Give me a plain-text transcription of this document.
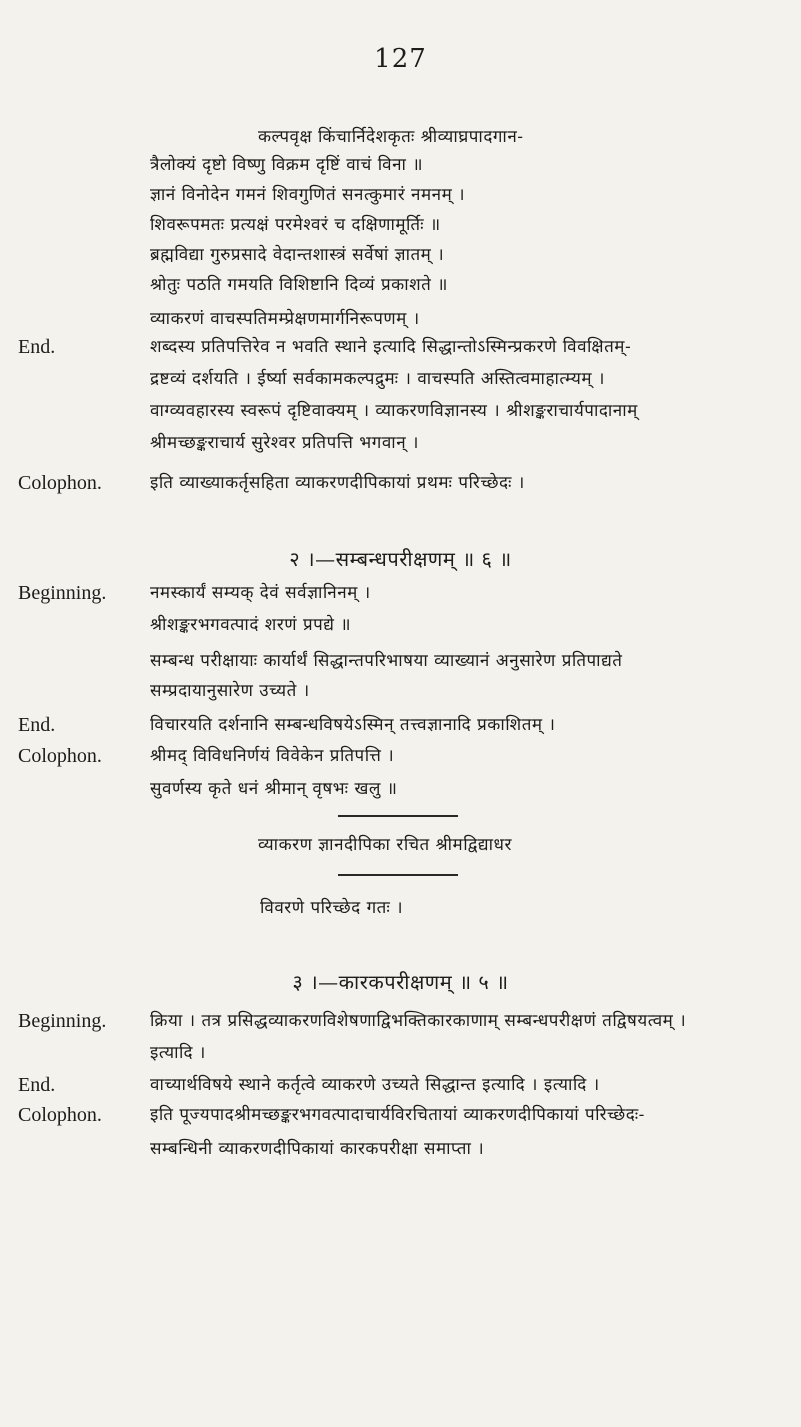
127
कल्पवृक्ष किंचार्निदेशकृतः श्रीव्याघ्रपादगान-
त्रैलोक्यं दृष्टो विष्णु विक्रम दृष्टिं वाचं विना ॥
ज्ञानं विनोदेन गमनं शिवगुणितं सनत्कुमारं नमनम् ।
शिवरूपमतः प्रत्यक्षं परमेश्वरं च दक्षिणामूर्तिः ॥
ब्रह्मविद्या गुरुप्रसादे वेदान्तशास्त्रं सर्वेषां ज्ञातम् ।
श्रोतुः पठति गमयति विशिष्टानि दिव्यं प्रकाशते ॥
व्याकरणं वाचस्पतिमम्प्रेक्षणमार्गनिरूपणम् ।
End.	शब्दस्य प्रतिपत्तिरेव न भवति स्थाने इत्यादि सिद्धान्तोऽस्मिन्प्रकरणे विवक्षितम्-
द्रष्टव्यं दर्शयति । ईर्ष्या सर्वकामकल्पद्रुमः । वाचस्पति अस्तित्वमाहात्म्यम् ।
वाग्व्यवहारस्य स्वरूपं दृष्टिवाक्यम् । व्याकरणविज्ञानस्य । श्रीशङ्कराचार्यपादानाम्
श्रीमच्छङ्कराचार्य सुरेश्वर प्रतिपत्ति भगवान् ।
Colophon.	इति व्याख्याकर्तृसहिता व्याकरणदीपिकायां प्रथमः परिच्छेदः ।
२ ।—सम्बन्धपरीक्षणम् ॥ ६ ॥
Beginning.	नमस्कार्यं सम्यक् देवं सर्वज्ञानिनम् ।
श्रीशङ्करभगवत्पादं शरणं प्रपद्ये ॥
सम्बन्ध परीक्षायाः कार्यार्थं सिद्धान्तपरिभाषया व्याख्यानं अनुसारेण प्रतिपाद्यते
सम्प्रदायानुसारेण उच्यते ।
End.	विचारयति दर्शनानि सम्बन्धविषयेऽस्मिन् तत्त्वज्ञानादि प्रकाशितम् ।
Colophon.	श्रीमद् विविधनिर्णयं विवेकेन प्रतिपत्ति ।
सुवर्णस्य कृते धनं श्रीमान् वृषभः खलु ॥
व्याकरण ज्ञानदीपिका रचित श्रीमद्विद्याधर
विवरणे परिच्छेद गतः ।
३ ।—कारकपरीक्षणम् ॥ ५ ॥
Beginning.	क्रिया । तत्र प्रसिद्धव्याकरणविशेषणाद्विभक्तिकारकाणाम् सम्बन्धपरीक्षणं तद्विषयत्वम् ।
इत्यादि ।
End.	वाच्यार्थविषये स्थाने कर्तृत्वे व्याकरणे उच्यते सिद्धान्त इत्यादि । इत्यादि ।
Colophon.	इति पूज्यपादश्रीमच्छङ्करभगवत्पादाचार्यविरचितायां व्याकरणदीपिकायां परिच्छेदः-
सम्बन्धिनी व्याकरणदीपिकायां कारकपरीक्षा समाप्ता ।
